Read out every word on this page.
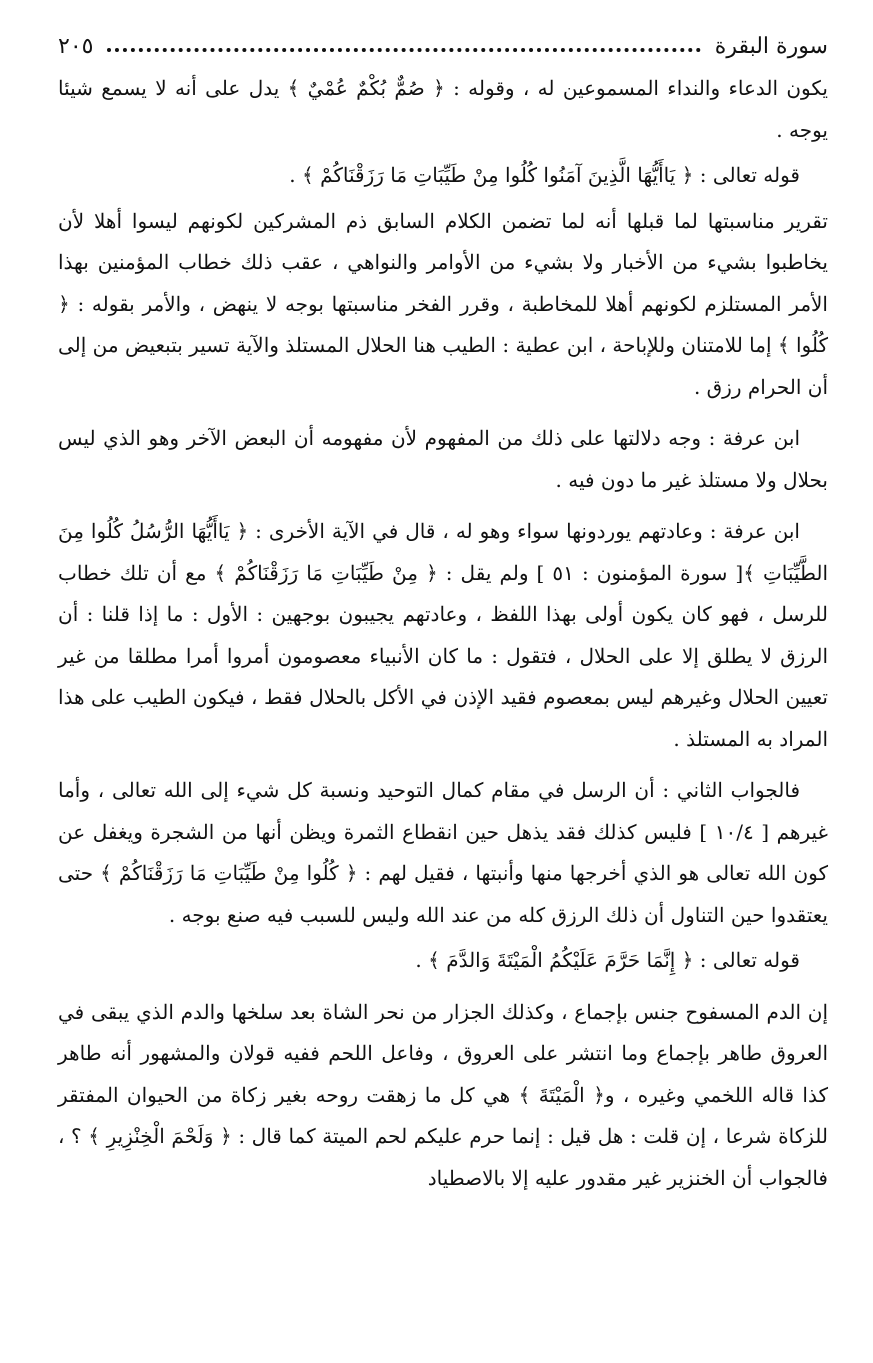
سورة البقرة
٢٠٥

يكون الدعاء والنداء المسموعين له ، وقوله : ﴿ صُمٌّ بُكْمٌ عُمْيٌ ﴾ يدل على أنه لا يسمع شيئا يوجه .

قوله تعالى : ﴿ يَاأَيُّهَا الَّذِينَ آمَنُوا كُلُوا مِنْ طَيِّبَاتِ مَا رَزَقْنَاكُمْ ﴾ .

تقرير مناسبتها لما قبلها أنه لما تضمن الكلام السابق ذم المشركين لكونهم ليسوا أهلا لأن يخاطبوا بشيء من الأخبار ولا بشيء من الأوامر والنواهي ، عقب ذلك خطاب المؤمنين بهذا الأمر المستلزم لكونهم أهلا للمخاطبة ، وقرر الفخر مناسبتها بوجه لا ينهض ، والأمر بقوله : ﴿ كُلُوا ﴾ إما للامتنان وللإباحة ، ابن عطية : الطيب هنا الحلال المستلذ والآية تسير بتبعيض من إلى أن الحرام رزق .

ابن عرفة : وجه دلالتها على ذلك من المفهوم لأن مفهومه أن البعض الآخر وهو الذي ليس بحلال ولا مستلذ غير ما دون فيه .

ابن عرفة : وعادتهم يوردونها سواء وهو له ، قال في الآية الأخرى : ﴿ يَاأَيُّهَا الرُّسُلُ كُلُوا مِنَ الطَّيِّبَاتِ ﴾[ سورة المؤمنون : ٥١ ] ولم يقل : ﴿ مِنْ طَيِّبَاتِ مَا رَزَقْنَاكُمْ ﴾ مع أن تلك خطاب للرسل ، فهو كان يكون أولى بهذا اللفظ ، وعادتهم يجيبون بوجهين : الأول : ما إذا قلنا : أن الرزق لا يطلق إلا على الحلال ، فتقول : ما كان الأنبياء معصومون أمروا أمرا مطلقا من غير تعيين الحلال وغيرهم ليس بمعصوم فقيد الإذن في الأكل بالحلال فقط ، فيكون الطيب على هذا المراد به المستلذ .

فالجواب الثاني : أن الرسل في مقام كمال التوحيد ونسبة كل شيء إلى الله تعالى ، وأما غيرهم [ ١٠/٤ ] فليس كذلك فقد يذهل حين انقطاع الثمرة ويظن أنها من الشجرة ويغفل عن كون الله تعالى هو الذي أخرجها منها وأنبتها ، فقيل لهم : ﴿ كُلُوا مِنْ طَيِّبَاتِ مَا رَزَقْنَاكُمْ ﴾ حتى يعتقدوا حين التناول أن ذلك الرزق كله من عند الله وليس للسبب فيه صنع بوجه .

قوله تعالى : ﴿ إِنَّمَا حَرَّمَ عَلَيْكُمُ الْمَيْتَةَ وَالدَّمَ ﴾ .

إن الدم المسفوح جنس بإجماع ، وكذلك الجزار من نحر الشاة بعد سلخها والدم الذي يبقى في العروق طاهر بإجماع وما انتشر على العروق ، وفاعل اللحم ففيه قولان والمشهور أنه طاهر كذا قاله اللخمي وغيره ، و﴿ الْمَيْتَةَ ﴾ هي كل ما زهقت روحه بغير زكاة من الحيوان المفتقر للزكاة شرعا ، إن قلت : هل قيل : إنما حرم عليكم لحم الميتة كما قال : ﴿ وَلَحْمَ الْخِنْزِيرِ ﴾ ؟ ، فالجواب أن الخنزير غير مقدور عليه إلا بالاصطياد
